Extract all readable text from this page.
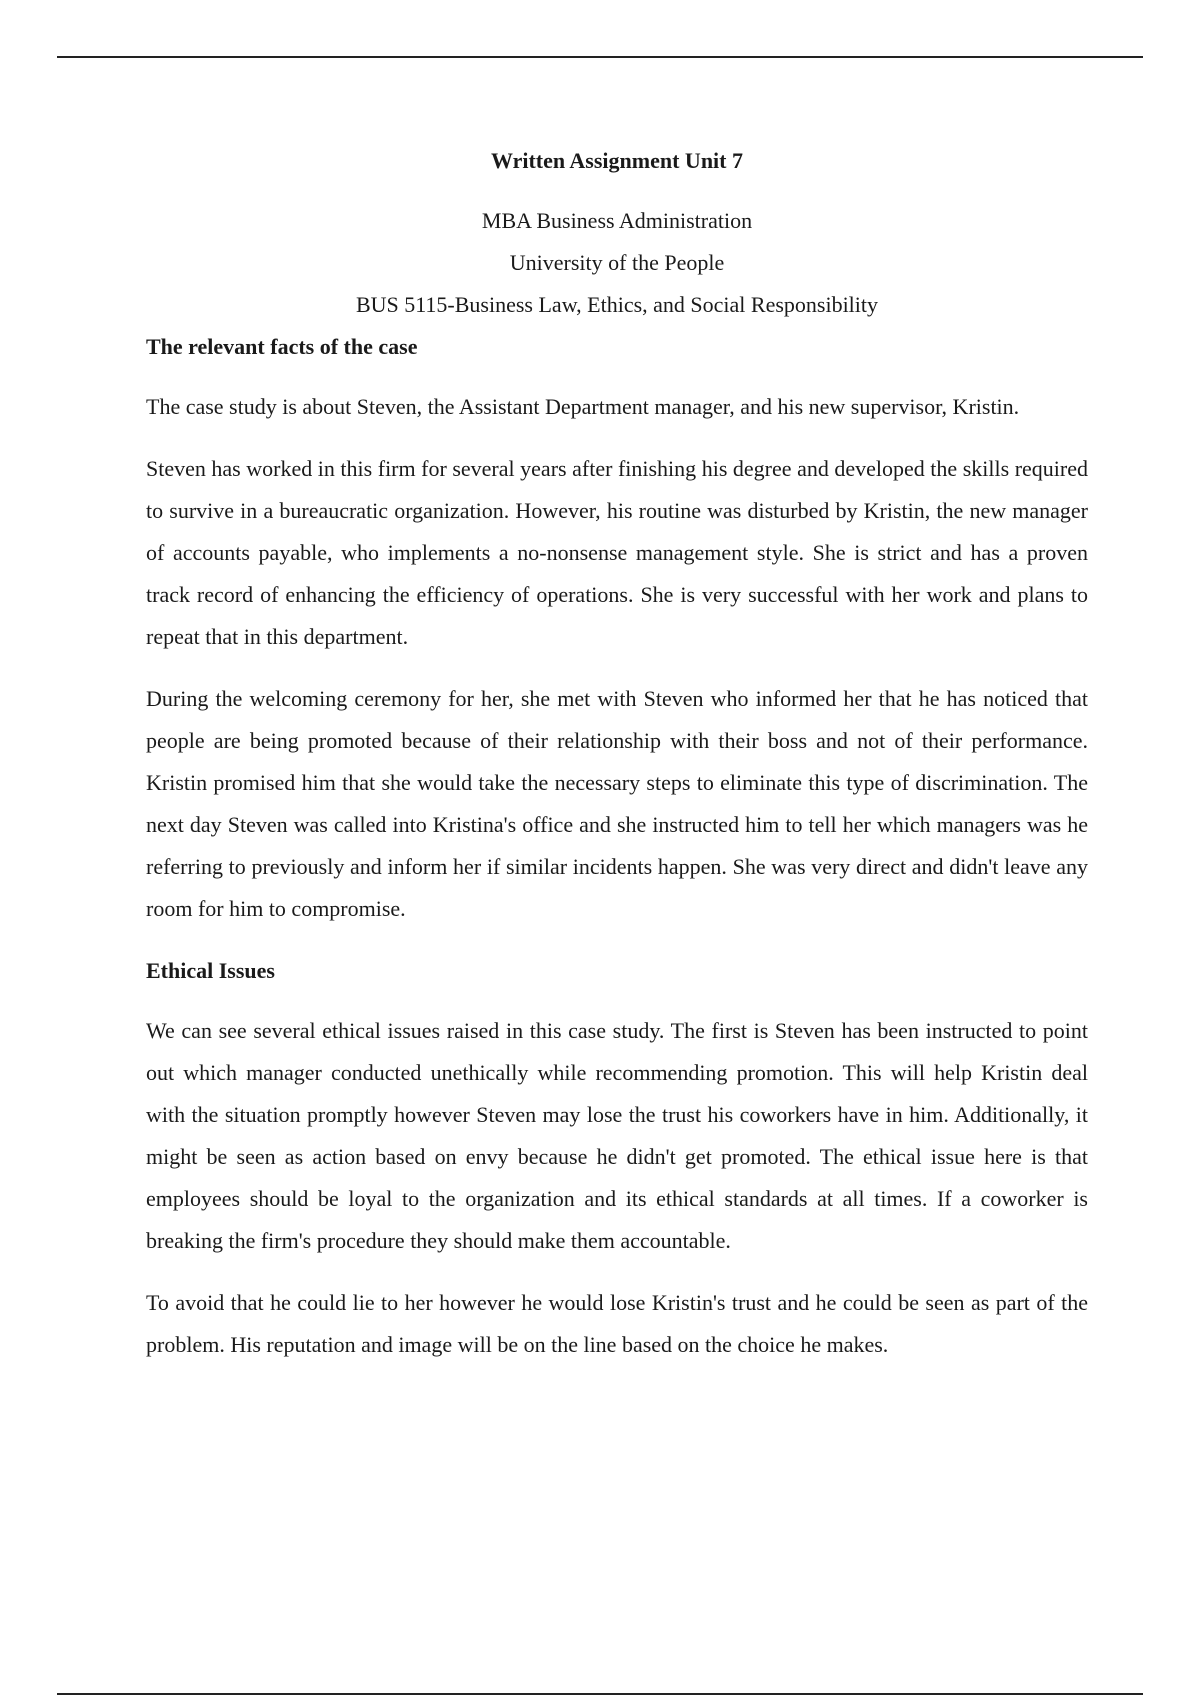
Written Assignment Unit 7

MBA Business Administration

University of the People

BUS 5115-Business Law, Ethics, and Social Responsibility

The relevant facts of the case

The case study is about Steven, the Assistant Department manager, and his new supervisor, Kristin.

Steven has worked in this firm for several years after finishing his degree and developed the skills required to survive in a bureaucratic organization. However, his routine was disturbed by Kristin, the new manager of accounts payable, who implements a no-nonsense management style. She is strict and has a proven track record of enhancing the efficiency of operations. She is very successful with her work and plans to repeat that in this department.

During the welcoming ceremony for her, she met with Steven who informed her that he has noticed that people are being promoted because of their relationship with their boss and not of their performance. Kristin promised him that she would take the necessary steps to eliminate this type of discrimination. The next day Steven was called into Kristina's office and she instructed him to tell her which managers was he referring to previously and inform her if similar incidents happen. She was very direct and didn't leave any room for him to compromise.

Ethical Issues

We can see several ethical issues raised in this case study. The first is Steven has been instructed to point out which manager conducted unethically while recommending promotion. This will help Kristin deal with the situation promptly however Steven may lose the trust his coworkers have in him. Additionally, it might be seen as action based on envy because he didn't get promoted. The ethical issue here is that employees should be loyal to the organization and its ethical standards at all times. If a coworker is breaking the firm's procedure they should make them accountable.

To avoid that he could lie to her however he would lose Kristin's trust and he could be seen as part of the problem. His reputation and image will be on the line based on the choice he makes.
